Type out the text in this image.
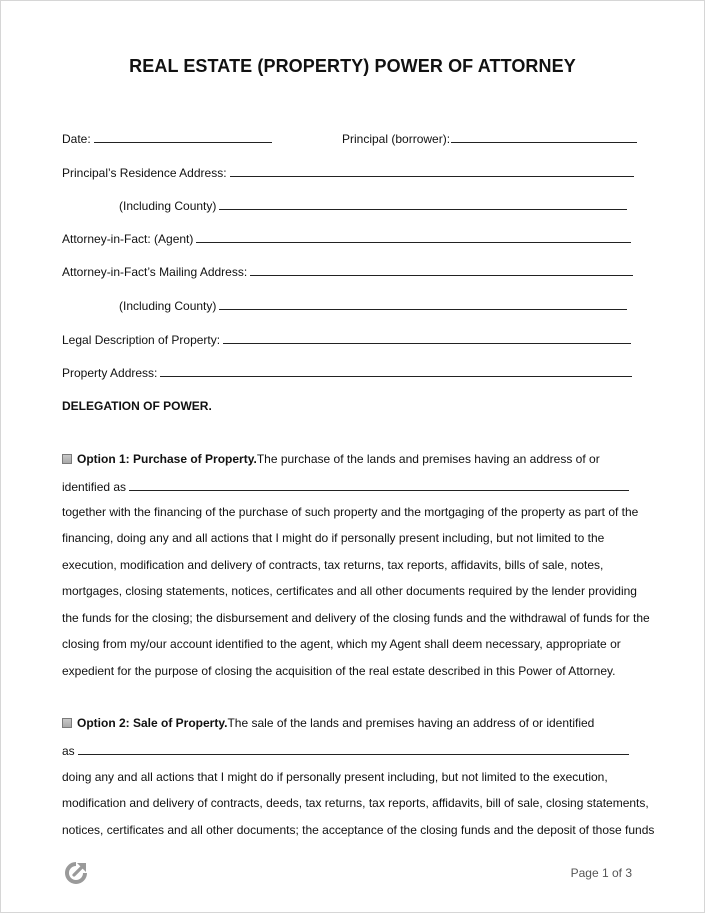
REAL ESTATE (PROPERTY) POWER OF ATTORNEY
Date:	Principal (borrower):
Principal’s Residence Address:
(Including County)
Attorney-in-Fact: (Agent)
Attorney-in-Fact’s Mailing Address:
(Including County)
Legal Description of Property:
Property Address:
DELEGATION OF POWER.
Option 1: Purchase of Property. The purchase of the lands and premises having an address of or
identified as
together with the financing of the purchase of such property and the mortgaging of the property as part of the
financing, doing any and all actions that I might do if personally present including, but not limited to the
execution, modification and delivery of contracts, tax returns, tax reports, affidavits, bills of sale, notes,
mortgages, closing statements, notices, certificates and all other documents required by the lender providing
the funds for the closing; the disbursement and delivery of the closing funds and the withdrawal of funds for the
closing from my/our account identified to the agent, which my Agent shall deem necessary, appropriate or
expedient for the purpose of closing the acquisition of the real estate described in this Power of Attorney.
Option 2: Sale of Property. The sale of the lands and premises having an address of or identified
as
doing any and all actions that I might do if personally present including, but not limited to the execution,
modification and delivery of contracts, deeds, tax returns, tax reports, affidavits, bill of sale, closing statements,
notices, certificates and all other documents; the acceptance of the closing funds and the deposit of those funds
Page 1 of 3
